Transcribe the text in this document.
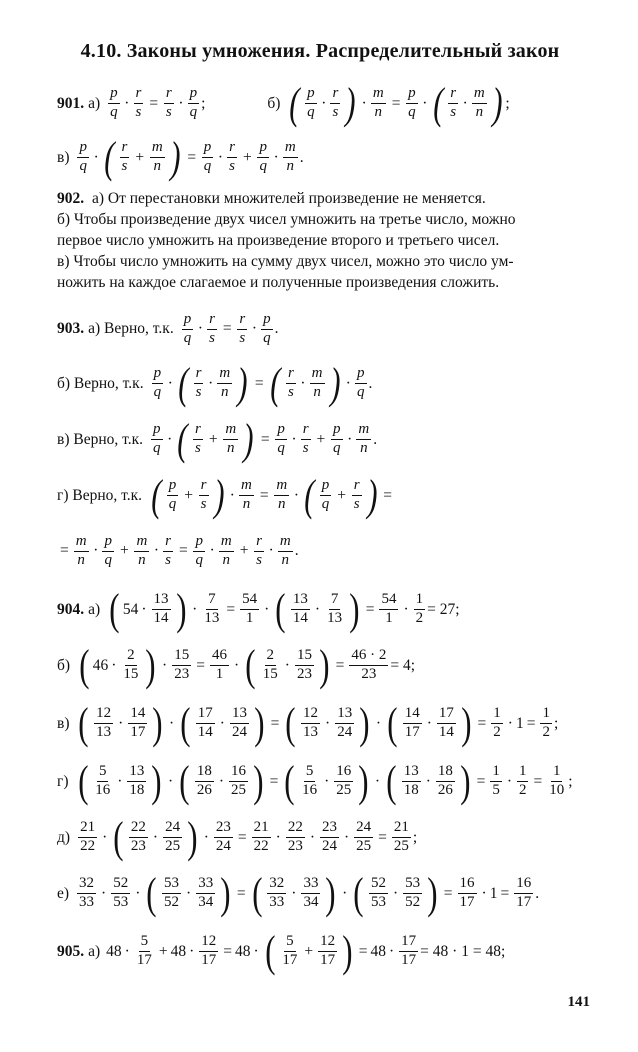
4.10. Законы умножения. Распределительный закон
901. $а) \frac{p}{q} \cdot \frac{r}{s} = \frac{r}{s} \cdot \frac{p}{q}$ ;	б) ( $\frac{p}{q} \cdot \frac{r}{s}$ ) · $\frac{m}{n} = \frac{p}{q}$ · ( $\frac{r}{s} \cdot \frac{m}{n}$ ) ;
$в) \frac{p}{q}$ · ( $\frac{r}{s} + \frac{m}{n}$ ) = $\frac{p}{q} \cdot \frac{r}{s} + \frac{p}{q} \cdot \frac{m}{n}$ .
902. а) От перестановки множителей произведение не меняется.
б) Чтобы произведение двух чисел умножить на третье число, можно
первое число умножить на произведение второго и третьего чисел.
в) Чтобы число умножить на сумму двух чисел, можно это число ум-
ножить на каждое слагаемое и полученные произведения сложить.
903. а) Верно, т.к. $\frac{p}{q} \cdot \frac{r}{s} = \frac{r}{s} \cdot \frac{p}{q}$ .
б) Верно, т.к. $\frac{p}{q}$ · ( $\frac{r}{s} \cdot \frac{m}{n}$ ) = ( $\frac{r}{s} \cdot \frac{m}{n}$ ) · $\frac{p}{q}$ .
в) Верно, т.к. $\frac{p}{q}$ · ( $\frac{r}{s} + \frac{m}{n}$ ) = $\frac{p}{q} \cdot \frac{r}{s} + \frac{p}{q} \cdot \frac{m}{n}$ .
г) Верно, т.к. ( $\frac{p}{q} + \frac{r}{s}$ ) · $\frac{m}{n} = \frac{m}{n}$ · ( $\frac{p}{q} + \frac{r}{s}$ ) =
= $\frac{m}{n} \cdot \frac{p}{q} + \frac{m}{n} \cdot \frac{r}{s} = \frac{p}{q} \cdot \frac{m}{n} + \frac{r}{s} \cdot \frac{m}{n}$ .
904. а) ( $54 \cdot \frac{13}{14}$ ) · $\frac{7}{13} = \frac{54}{1}$ · ( $\frac{13}{14} \cdot \frac{7}{13}$ ) = $\frac{54}{1} \cdot \frac{1}{2} = 27$;
б) ( $46 \cdot \frac{2}{15}$ ) · $\frac{15}{23} = \frac{46}{1}$ · ( $\frac{2}{15} \cdot \frac{15}{23}$ ) = $\frac{46 \cdot 2}{23} = 4$;
в) ( $\frac{12}{13} \cdot \frac{14}{17}$ ) · ( $\frac{17}{14} \cdot \frac{13}{24}$ ) = ( $\frac{12}{13} \cdot \frac{13}{24}$ ) · ( $\frac{14}{17} \cdot \frac{17}{14}$ ) = $\frac{1}{2} \cdot 1 = \frac{1}{2}$ ;
г) ( $\frac{5}{16} \cdot \frac{13}{18}$ ) · ( $\frac{18}{26} \cdot \frac{16}{25}$ ) = ( $\frac{5}{16} \cdot \frac{16}{25}$ ) · ( $\frac{13}{18} \cdot \frac{18}{26}$ ) = $\frac{1}{5} \cdot \frac{1}{2} = \frac{1}{10}$ ;
$д) \frac{21}{22}$ · ( $\frac{22}{23} \cdot \frac{24}{25}$ ) · $\frac{23}{24} = \frac{21}{22} \cdot \frac{22}{23} \cdot \frac{23}{24} \cdot \frac{24}{25} = \frac{21}{25}$ ;
$е) \frac{32}{33} \cdot \frac{52}{53}$ · ( $\frac{53}{52} \cdot \frac{33}{34}$ ) = ( $\frac{32}{33} \cdot \frac{33}{34}$ ) · ( $\frac{52}{53} \cdot \frac{53}{52}$ ) = $\frac{16}{17} \cdot 1 = \frac{16}{17}$ .
905. а) $48 \cdot \frac{5}{17} + 48 \cdot \frac{12}{17} = 48$ · ( $\frac{5}{17} + \frac{12}{17}$ ) = $48 \cdot \frac{17}{17} = 48 \cdot 1 = 48$;
141
